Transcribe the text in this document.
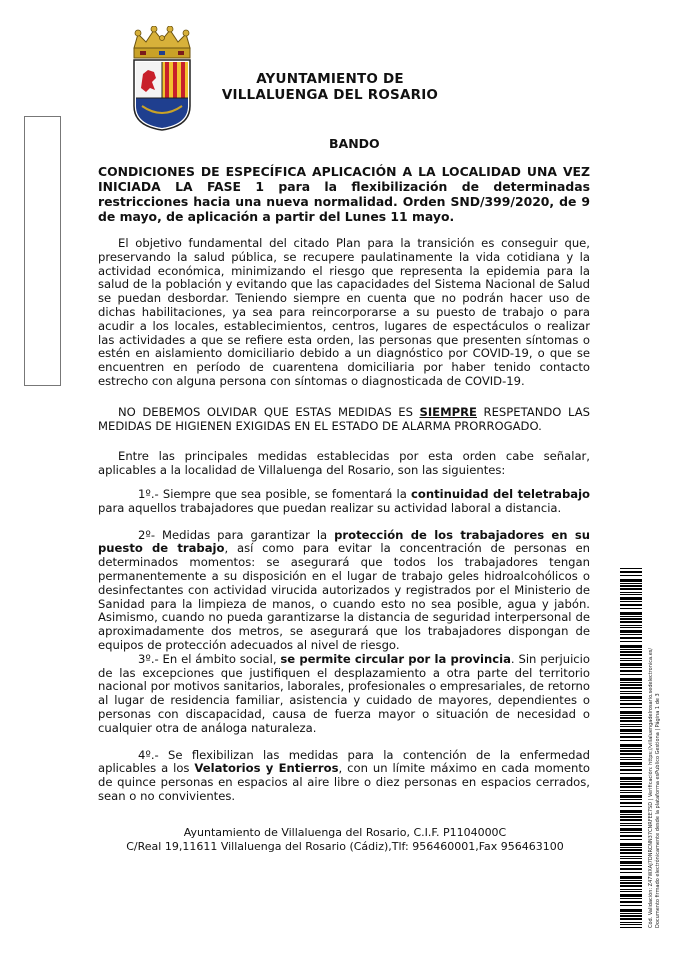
AYUNTAMIENTO DE
VILLALUENGA DEL ROSARIO
BANDO

CONDICIONES DE ESPECÍFICA APLICACIÓN A LA LOCALIDAD UNA VEZ INICIADA LA FASE 1 para la flexibilización de determinadas restricciones hacia una nueva normalidad. Orden SND/399/2020, de 9 de mayo, de aplicación a partir del Lunes 11 mayo.

El objetivo fundamental del citado Plan para la transición es conseguir que, preservando la salud pública, se recupere paulatinamente la vida cotidiana y la actividad económica, minimizando el riesgo que representa la epidemia para la salud de la población y evitando que las capacidades del Sistema Nacional de Salud se puedan desbordar. Teniendo siempre en cuenta que no podrán hacer uso de dichas habilitaciones, ya sea para reincorporarse a su puesto de trabajo o para acudir a los locales, establecimientos, centros, lugares de espectáculos o realizar las actividades a que se refiere esta orden, las personas que presenten síntomas o estén en aislamiento domiciliario debido a un diagnóstico por COVID-19, o que se encuentren en período de cuarentena domiciliaria por haber tenido contacto estrecho con alguna persona con síntomas o diagnosticada de COVID-19.

NO DEBEMOS OLVIDAR QUE ESTAS MEDIDAS ES SIEMPRE RESPETANDO LAS MEDIDAS DE HIGIENEN EXIGIDAS EN EL ESTADO DE ALARMA PRORROGADO.

Entre las principales medidas establecidas por esta orden cabe señalar, aplicables a la localidad de Villaluenga del Rosario, son las siguientes:

1º.- Siempre que sea posible, se fomentará la continuidad del teletrabajo para aquellos trabajadores que puedan realizar su actividad laboral a distancia.

2º- Medidas para garantizar la protección de los trabajadores en su puesto de trabajo, así como para evitar la concentración de personas en determinados momentos: se asegurará que todos los trabajadores tengan permanentemente a su disposición en el lugar de trabajo geles hidroalcohólicos o desinfectantes con actividad virucida autorizados y registrados por el Ministerio de Sanidad para la limpieza de manos, o cuando esto no sea posible, agua y jabón. Asimismo, cuando no pueda garantizarse la distancia de seguridad interpersonal de aproximadamente dos metros, se asegurará que los trabajadores dispongan de equipos de protección adecuados al nivel de riesgo.

3º.- En el ámbito social, se permite circular por la provincia. Sin perjuicio de las excepciones que justifiquen el desplazamiento a otra parte del territorio nacional por motivos sanitarios, laborales, profesionales o empresariales, de retorno al lugar de residencia familiar, asistencia y cuidado de mayores, dependientes o personas con discapacidad, causa de fuerza mayor o situación de necesidad o cualquier otra de análoga naturaleza.

4º.- Se flexibilizan las medidas para la contención de la enfermedad aplicables a los Velatorios y Entierros, con un límite máximo en cada momento de quince personas en espacios al aire libre o diez personas en espacios cerrados, sean o no convivientes.

Ayuntamiento de Villaluenga del Rosario, C.I.F. P1104000C
C/Real 19,11611 Villaluenga del Rosario (Cádiz),Tlf: 956460001,Fax 956463100	Cód. Validación: Z47WXAJ7DNRCNN37CNRFEE7SD | Verificación: https://villaluengadelrosario.sedelectronica.es/ Documento firmado electrónicamente desde la plataforma esPublico Gestiona | Página 1 de 3
